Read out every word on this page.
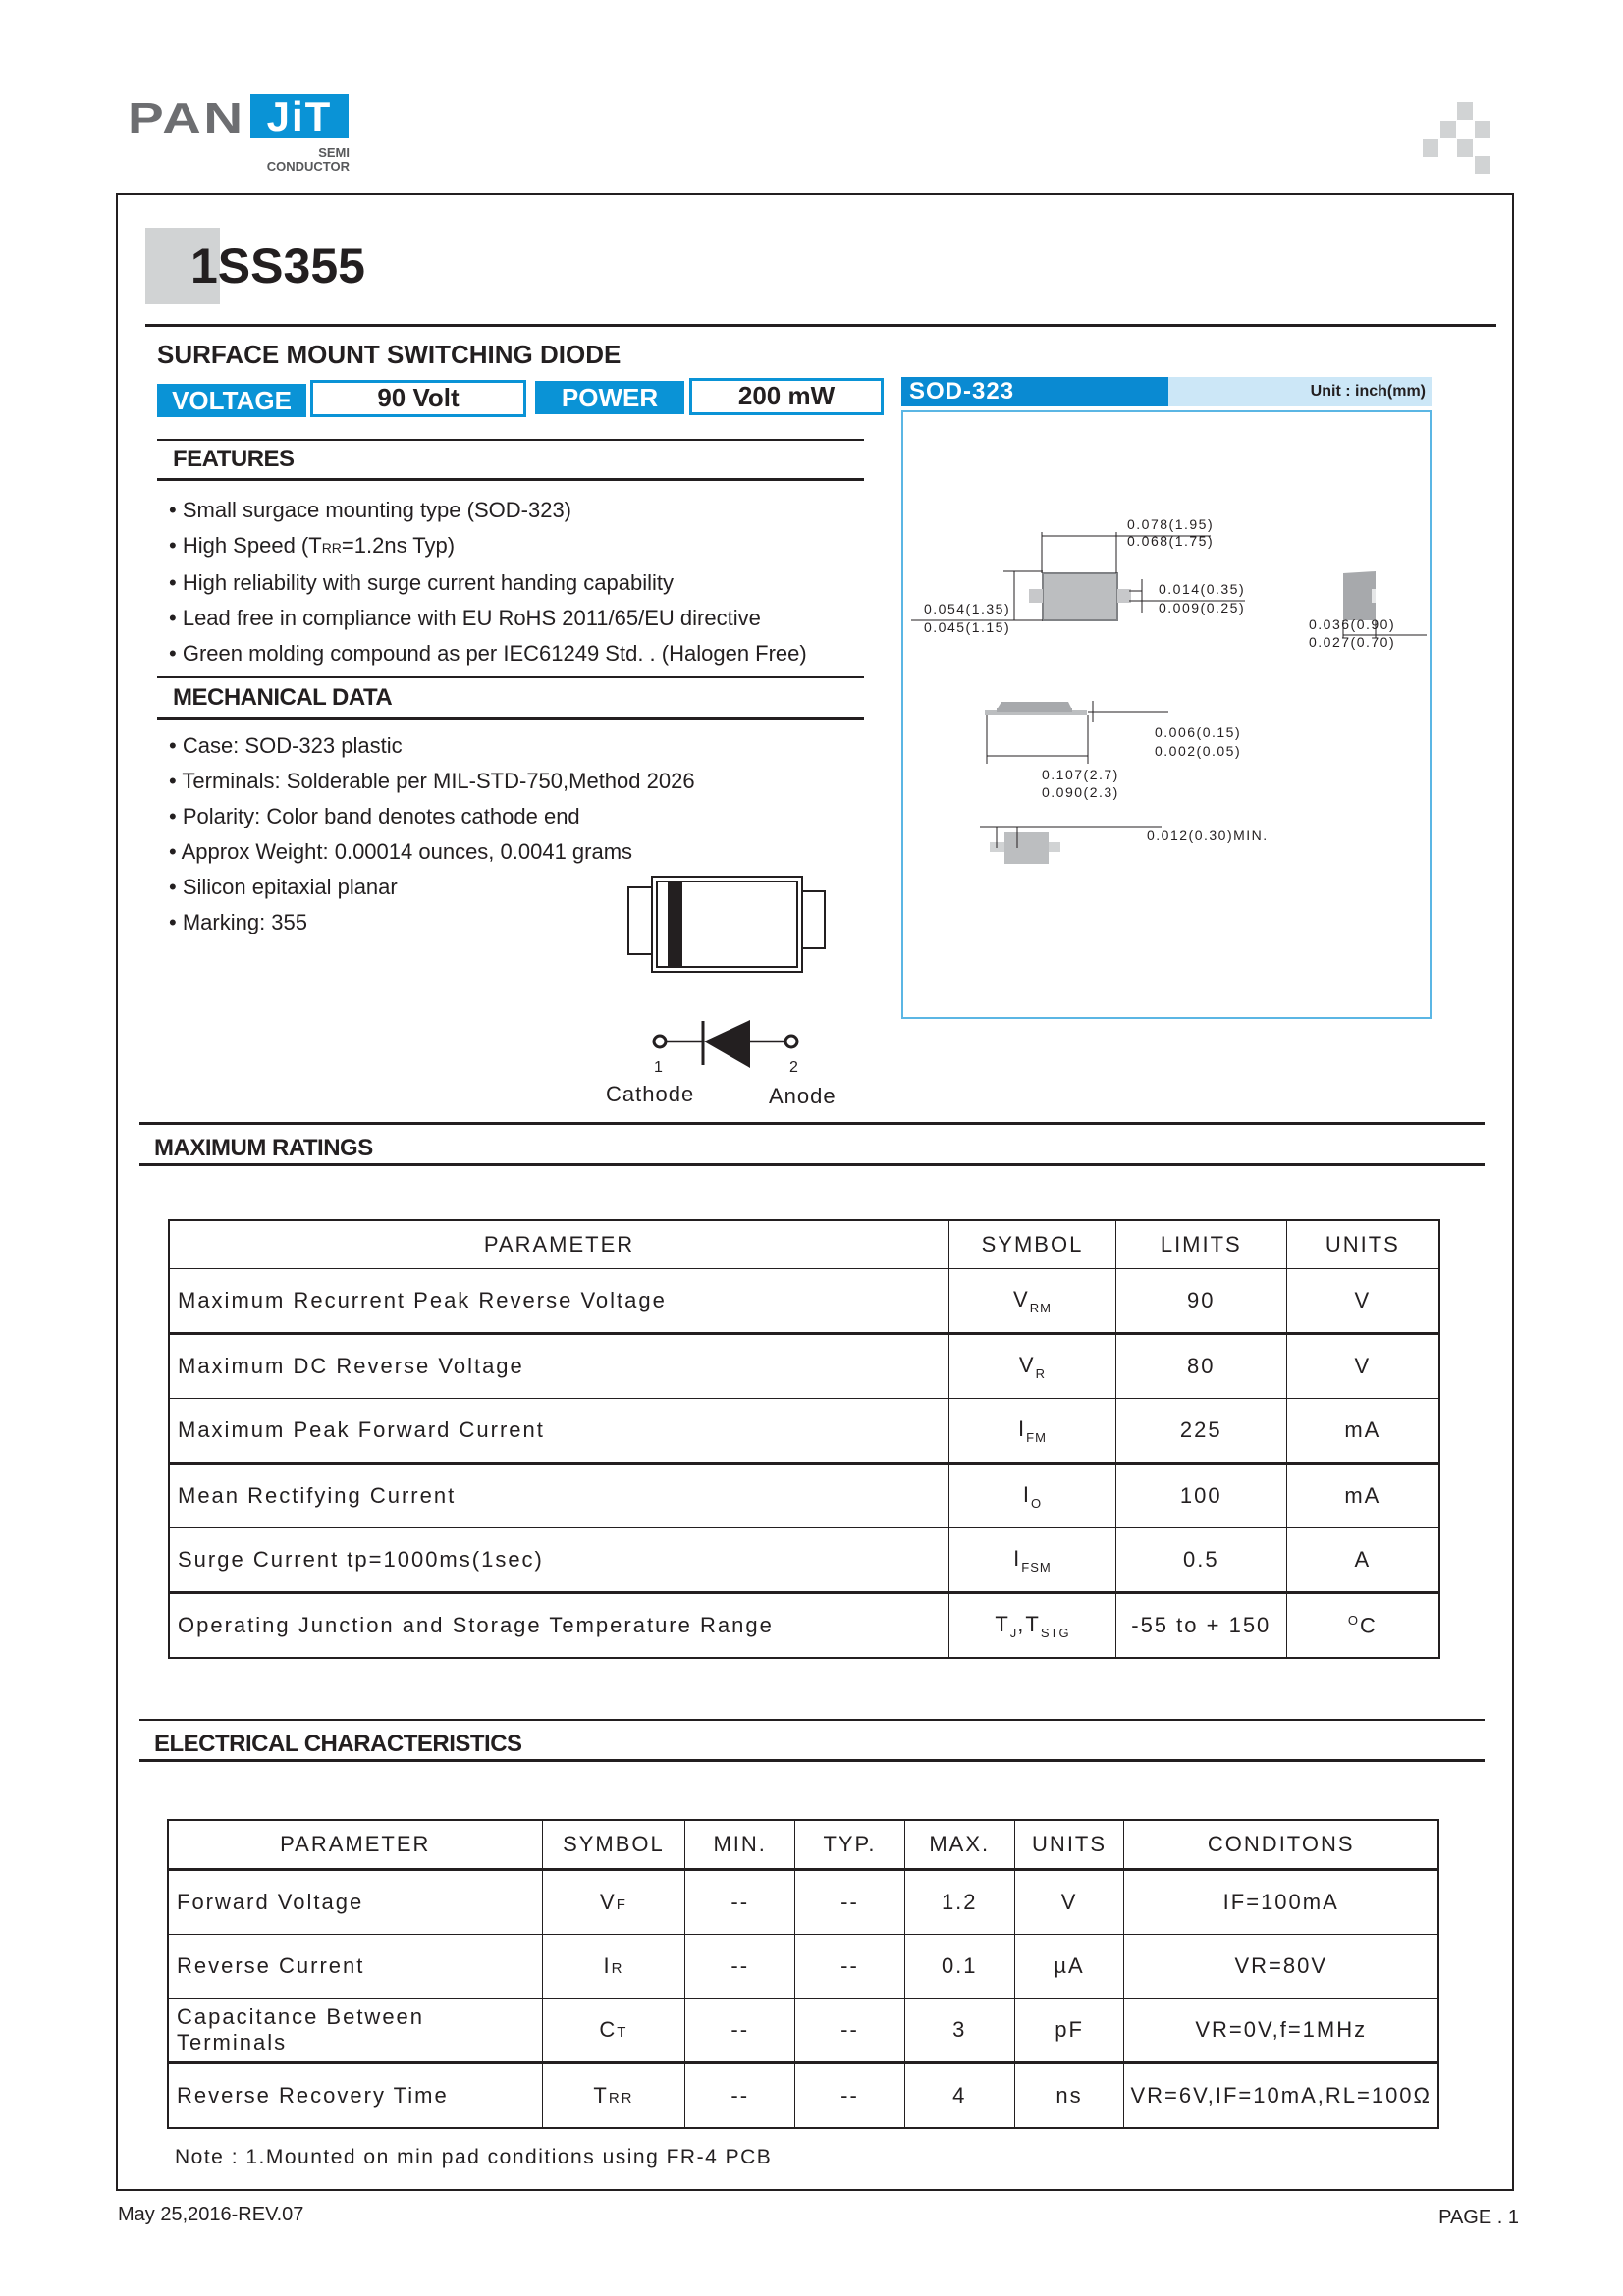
PAN JiT
SEMI
CONDUCTOR
1SS355
SURFACE MOUNT SWITCHING DIODE
VOLTAGE	90 Volt	POWER	200 mW
FEATURES
• Small surgace mounting type (SOD-323)
• High Speed (TRR=1.2ns Typ)
• High reliability with surge current handing capability
• Lead free in compliance with EU RoHS 2011/65/EU directive
• Green molding compound as per IEC61249 Std. . (Halogen Free)
MECHANICAL DATA
• Case: SOD-323 plastic
• Terminals: Solderable per MIL-STD-750,Method 2026
• Polarity: Color band denotes cathode end
• Approx Weight: 0.00014 ounces, 0.0041 grams
• Silicon epitaxial planar
• Marking: 355
1	2
Cathode	Anode
SOD-323	Unit : inch(mm)
0.078(1.95)
0.068(1.75)
0.014(0.35)
0.009(0.25)
0.054(1.35)
0.045(1.15)	0.036(0.90)
0.027(0.70)
0.006(0.15)
0.002(0.05)
0.107(2.7)
0.090(2.3)
0.012(0.30)MIN.
MAXIMUM RATINGS
PARAMETER	SYMBOL	LIMITS	UNITS
Maximum Recurrent Peak Reverse Voltage	$V_{RM}$	90	V
Maximum DC Reverse Voltage	$V_R$	80	V
Maximum Peak Forward Current	$I_{FM}$	225	mA
Mean Rectifying Current	$I_O$	100	mA
Surge Current tp=1000ms(1sec)	$I_{FSM}$	0.5	A
Operating Junction and Storage Temperature Range	$T_J,T_{STG}$	-55 to + 150	$^O$C
ELECTRICAL CHARACTERISTICS
PARAMETER	SYMBOL	MIN.	TYP.	MAX.	UNITS	CONDITONS
Forward Voltage	VF	--	--	1.2	V	IF=100mA
Reverse Current	IR	--	--	0.1	µA	VR=80V
Capacitance Between Terminals	CT	--	--	3	pF	VR=0V,f=1MHz
Reverse Recovery Time	TRR	--	--	4	ns	VR=6V,IF=10mA,RL=100Ω
Note : 1.Mounted on min pad conditions using FR-4 PCB
May 25,2016-REV.07	PAGE . 1
